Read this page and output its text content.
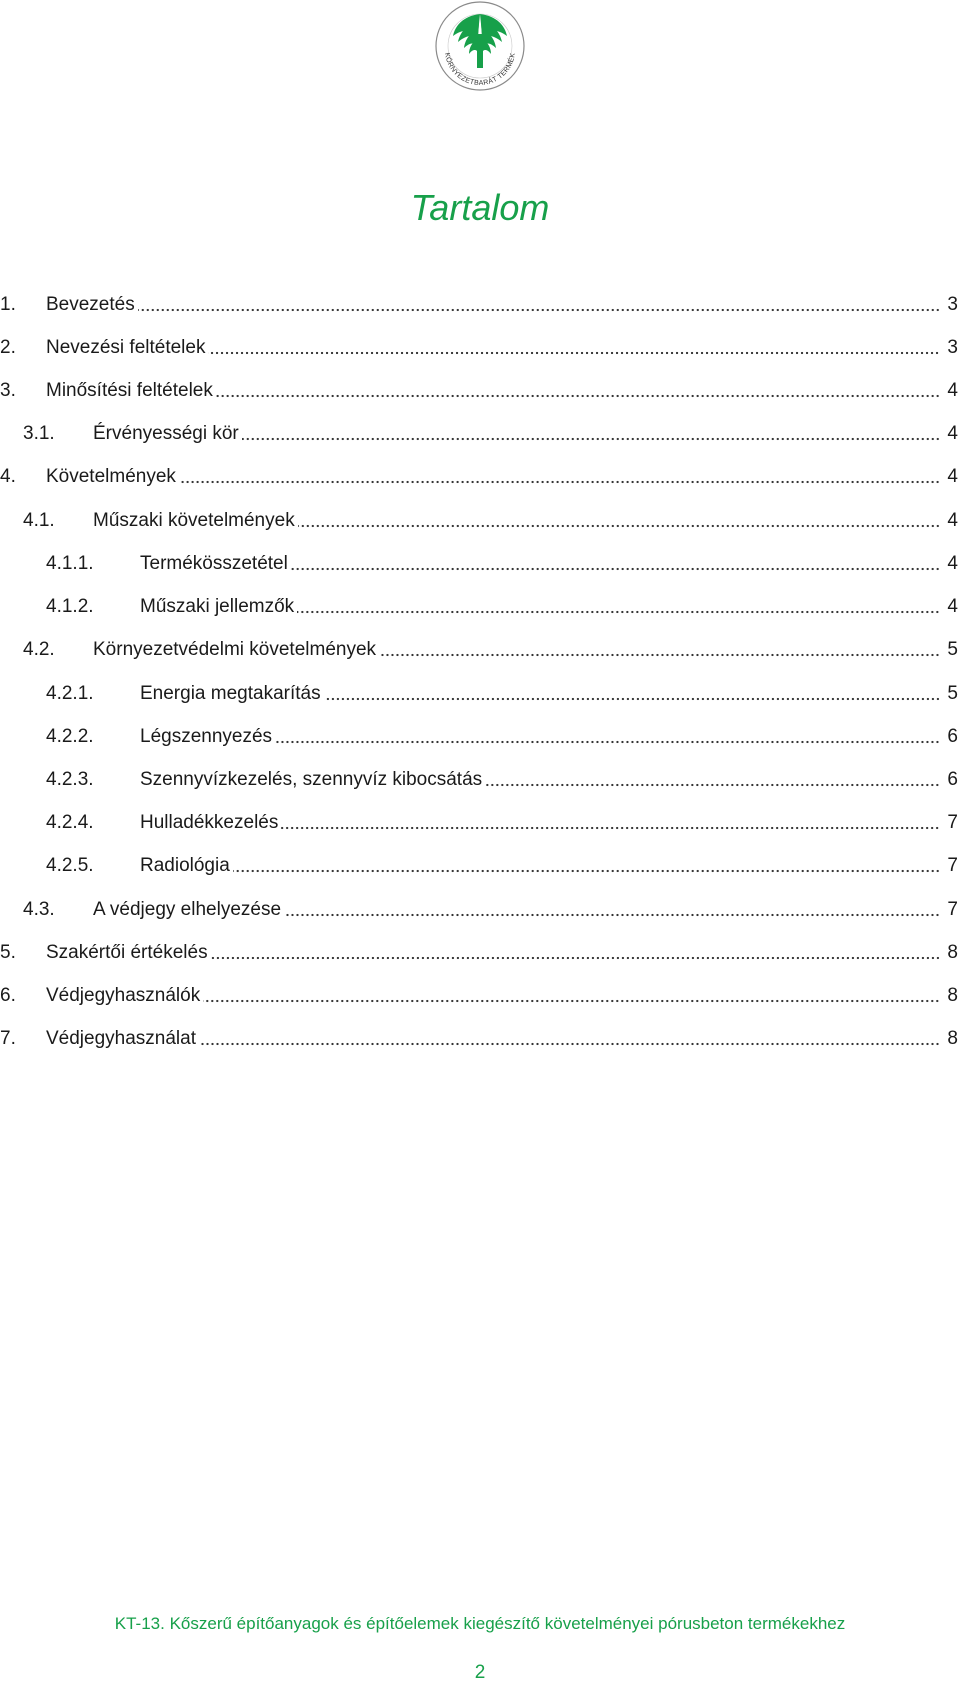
KÖRNYEZETBARÁT TERMÉK
Tartalom
1.	Bevezetés	3
2.	Nevezési feltételek	3
3.	Minősítési feltételek	4
3.1.	Érvényességi kör	4
4.	Követelmények	4
4.1.	Műszaki követelmények	4
4.1.1.	Termékösszetétel	4
4.1.2.	Műszaki jellemzők	4
4.2.	Környezetvédelmi követelmények	5
4.2.1.	Energia megtakarítás	5
4.2.2.	Légszennyezés	6
4.2.3.	Szennyvízkezelés, szennyvíz kibocsátás	6
4.2.4.	Hulladékkezelés	7
4.2.5.	Radiológia	7
4.3.	A védjegy elhelyezése	7
5.	Szakértői értékelés	8
6.	Védjegyhasználók	8
7.	Védjegyhasználat	8
KT-13. Kőszerű építőanyagok és építőelemek kiegészítő követelményei pórusbeton termékekhez
2
